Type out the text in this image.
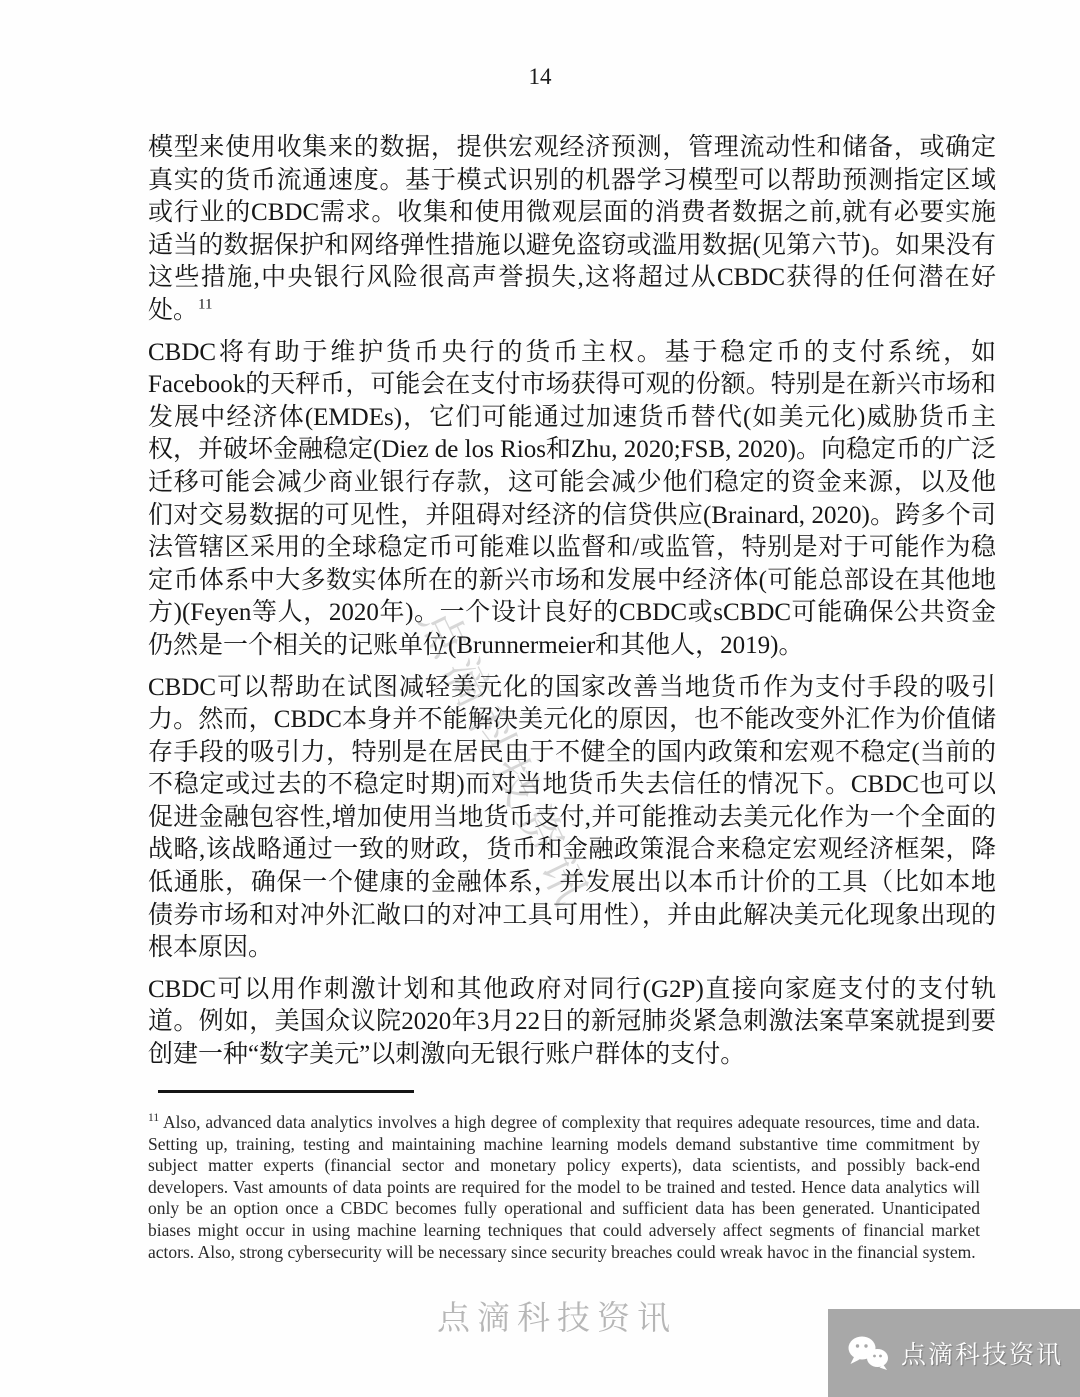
14
点滴科技资讯

模型来使用收集来的数据，提供宏观经济预测，管理流动性和储备，或确定真实的货币流通速度。基于模式识别的机器学习模型可以帮助预测指定区域或行业的CBDC需求。收集和使用微观层面的消费者数据之前,就有必要实施适当的数据保护和网络弹性措施以避免盗窃或滥用数据(见第六节)。如果没有这些措施,中央银行风险很高声誉损失,这将超过从CBDC获得的任何潜在好处。$^{11}$

CBDC将有助于维护货币央行的货币主权。基于稳定币的支付系统，如Facebook的天秤币，可能会在支付市场获得可观的份额。特别是在新兴市场和发展中经济体(EMDEs)，它们可能通过加速货币替代(如美元化)威胁货币主权，并破坏金融稳定(Diez de los Rios和Zhu, 2020;FSB, 2020)。向稳定币的广泛迁移可能会减少商业银行存款，这可能会减少他们稳定的资金来源，以及他们对交易数据的可见性，并阻碍对经济的信贷供应(Brainard, 2020)。跨多个司法管辖区采用的全球稳定币可能难以监督和/或监管，特别是对于可能作为稳定币体系中大多数实体所在的新兴市场和发展中经济体(可能总部设在其他地方)(Feyen等人，2020年)。一个设计良好的CBDC或sCBDC可能确保公共资金仍然是一个相关的记账单位(Brunnermeier和其他人，2019)。

CBDC可以帮助在试图减轻美元化的国家改善当地货币作为支付手段的吸引力。然而，CBDC本身并不能解决美元化的原因，也不能改变外汇作为价值储存手段的吸引力，特别是在居民由于不健全的国内政策和宏观不稳定(当前的不稳定或过去的不稳定时期)而对当地货币失去信任的情况下。CBDC也可以促进金融包容性,增加使用当地货币支付,并可能推动去美元化作为一个全面的战略,该战略通过一致的财政，货币和金融政策混合来稳定宏观经济框架，降低通胀，确保一个健康的金融体系，并发展出以本币计价的工具（比如本地债券市场和对冲外汇敞口的对冲工具可用性），并由此解决美元化现象出现的根本原因。

CBDC可以用作刺激计划和其他政府对同行(G2P)直接向家庭支付的支付轨道。例如，美国众议院2020年3月22日的新冠肺炎紧急刺激法案草案就提到要创建一种“数字美元”以刺激向无银行账户群体的支付。

$^{11}$ Also, advanced data analytics involves a high degree of complexity that requires adequate resources, time and data. Setting up, training, testing and maintaining machine learning models demand substantive time commitment by subject matter experts (financial sector and monetary policy experts), data scientists, and possibly back-end developers. Vast amounts of data points are required for the model to be trained and tested. Hence data analytics will only be an option once a CBDC becomes fully operational and sufficient data has been generated. Unanticipated biases might occur in using machine learning techniques that could adversely affect segments of financial market actors. Also, strong cybersecurity will be necessary since security breaches could wreak havoc in the financial system.
点滴科技资讯
点滴科技资讯
